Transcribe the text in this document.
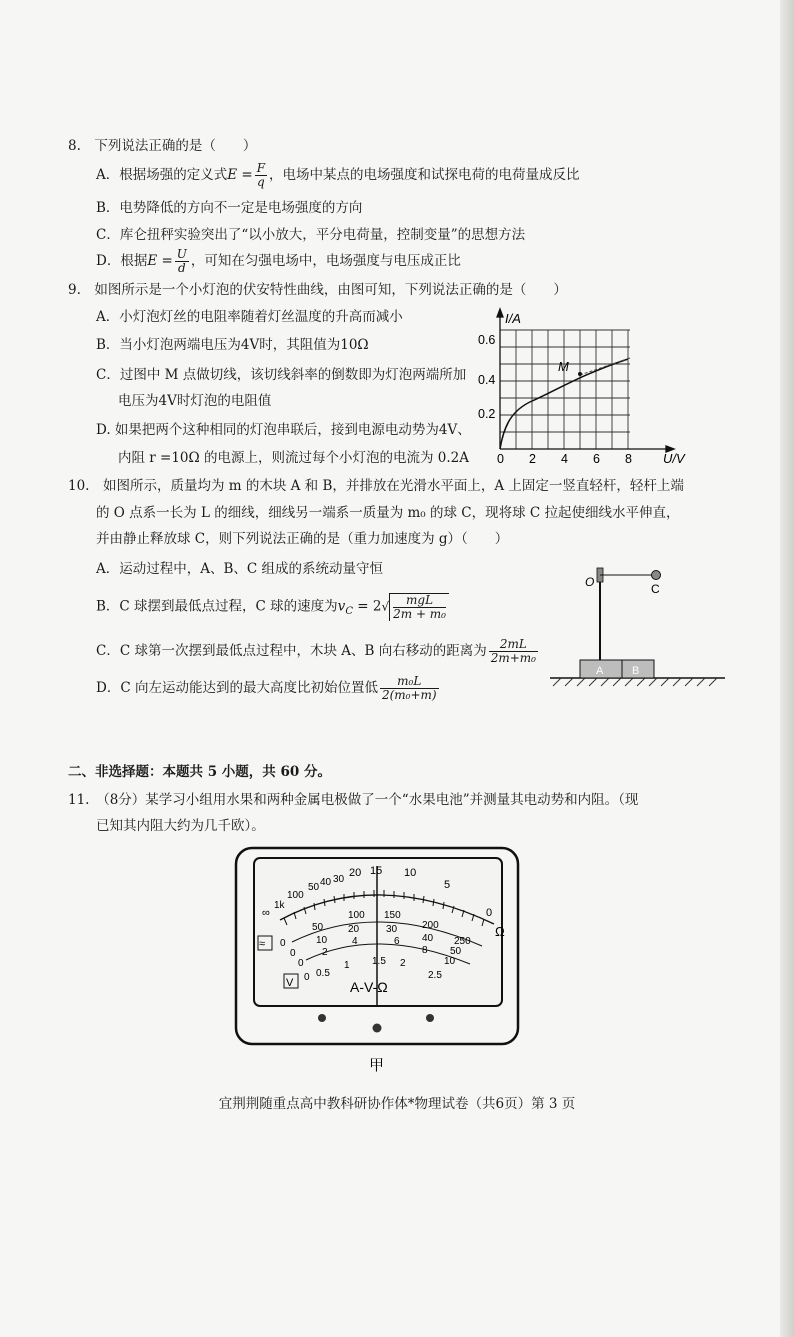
8.　下列说法正确的是（　　）
A．根据场强的定义式$E = \frac{F}{q}$ ，电场中某点的电场强度和试探电荷的电荷量成反比
B．电势降低的方向不一定是电场强度的方向
C．库仑扭秤实验突出了“以小放大，平分电荷量，控制变量”的思想方法
D．根据$E = \frac{U}{d}$ ，可知在匀强电场中，电场强度与电压成正比
9.　如图所示是一个小灯泡的伏安特性曲线，由图可知，下列说法正确的是（　　）
A．小灯泡灯丝的电阻率随着灯丝温度的升高而减小
B．当小灯泡两端电压为4V时，其阻值为10Ω
C．过图中 M 点做切线，该切线斜率的倒数即为灯泡两端所加
电压为4V时灯泡的电阻值
D. 如果把两个这种相同的灯泡串联后，接到电源电动势为4V、
内阻 r =10Ω 的电源上，则流过每个小灯泡的电流为 0.2A
M
I/A
U/V
0.2
0.4
0.6
0 2 4 6 8
10.　如图所示，质量均为 m 的木块 A 和 B，并排放在光滑水平面上，A 上固定一竖直轻杆，轻杆上端
的 O 点系一长为 L 的细线，细线另一端系一质量为 m₀ 的球 C，现将球 C 拉起使细线水平伸直，
并由静止释放球 C，则下列说法正确的是（重力加速度为 g）（　　）
A．运动过程中，A、B、C 组成的系统动量守恒
B．C 球摆到最低点过程，C 球的速度为$v_C = 2√ \frac{\text{mgL}}{\text{2m + m₀}}$
C．C 球第一次摆到最低点过程中，木块 A、B 向右移动的距离为 $\frac{2mL}{\text{2m+m₀}}$
D．C 向左运动能达到的最大高度比初始位置低 $\frac{\text{m₀L}}{\text{2(m₀+m)}}$
A	B
O	C
二、非选择题：本题共 5 小题，共 60 分。
11.　（8分）某学习小组用水果和两种金属电极做了一个“水果电池”并测量其电动势和内阻。（现
已知其内阻大约为几千欧）。
∞
1k
100
50 40 30
20 15 10
5
0
Ω
0
50
100 150
200
250
0
10
20	30
40
50
0
2
4	6
8
10
0 0.5
1 1.5 2
2.5
≈
V	A-V-Ω
甲
宜荆荆随重点高中教科研协作体*物理试卷（共6页）第 3 页
